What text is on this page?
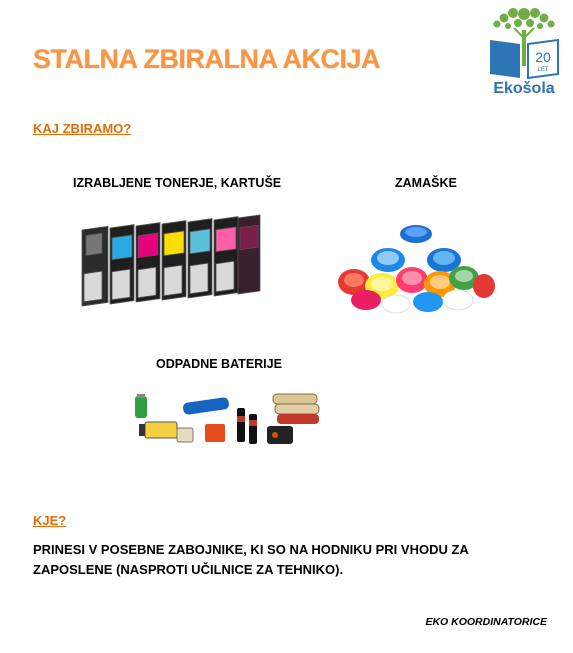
STALNA ZBIRALNA AKCIJA	20
LET
Ekošola

KAJ ZBIRAMO?

IZRABLJENE TONERJE, KARTUŠE	ZAMAŠKE

ODPADNE BATERIJE

KJE?

PRINESI V POSEBNE ZABOJNIKE, KI SO NA HODNIKU PRI VHODU ZA ZAPOSLENE (NASPROTI UČILNICE ZA TEHNIKO).

EKO KOORDINATORICE
